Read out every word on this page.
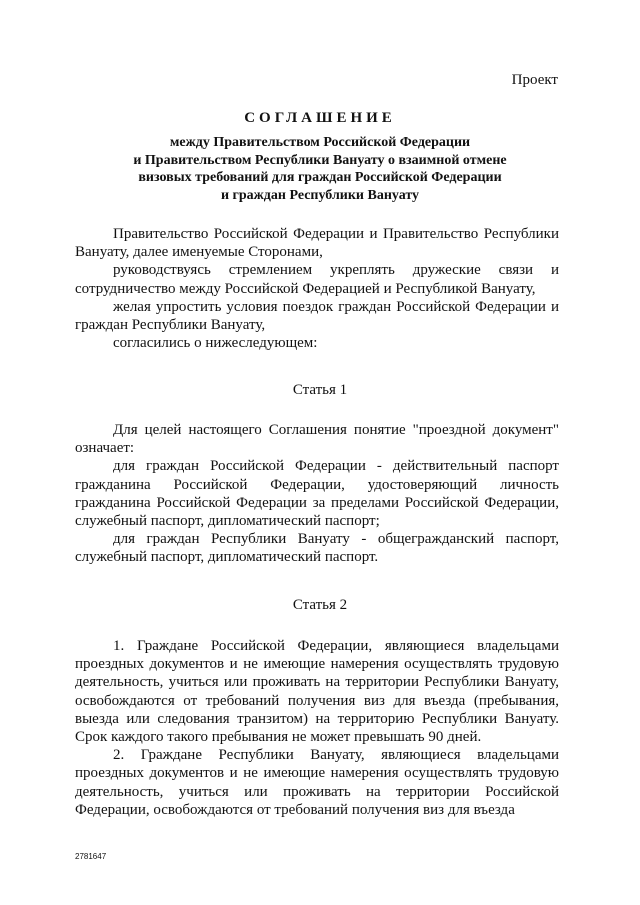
Проект
СОГЛАШЕНИЕ
между Правительством Российской Федерации
и Правительством Республики Вануату о взаимной отмене
визовых требований для граждан Российской Федерации
и граждан Республики Вануату

Правительство Российской Федерации и Правительство Республики Вануату, далее именуемые Сторонами,

руководствуясь стремлением укреплять дружеские связи и сотрудничество между Российской Федерацией и Республикой Вануату,

желая упростить условия поездок граждан Российской Федерации и граждан Республики Вануату,

согласились о нижеследующем:

Статья 1

Для целей настоящего Соглашения понятие "проездной документ" означает:

для граждан Российской Федерации - действительный паспорт гражданина Российской Федерации, удостоверяющий личность гражданина Российской Федерации за пределами Российской Федерации, служебный паспорт, дипломатический паспорт;

для граждан Республики Вануату - общегражданский паспорт, служебный паспорт, дипломатический паспорт.

Статья 2

1. Граждане Российской Федерации, являющиеся владельцами проездных документов и не имеющие намерения осуществлять трудовую деятельность, учиться или проживать на территории Республики Вануату, освобождаются от требований получения виз для въезда (пребывания, выезда или следования транзитом) на территорию Республики Вануату. Срок каждого такого пребывания не может превышать 90 дней.

2. Граждане Республики Вануату, являющиеся владельцами проездных документов и не имеющие намерения осуществлять трудовую деятельность, учиться или проживать на территории Российской Федерации, освобождаются от требований получения виз для въезда

2781647
